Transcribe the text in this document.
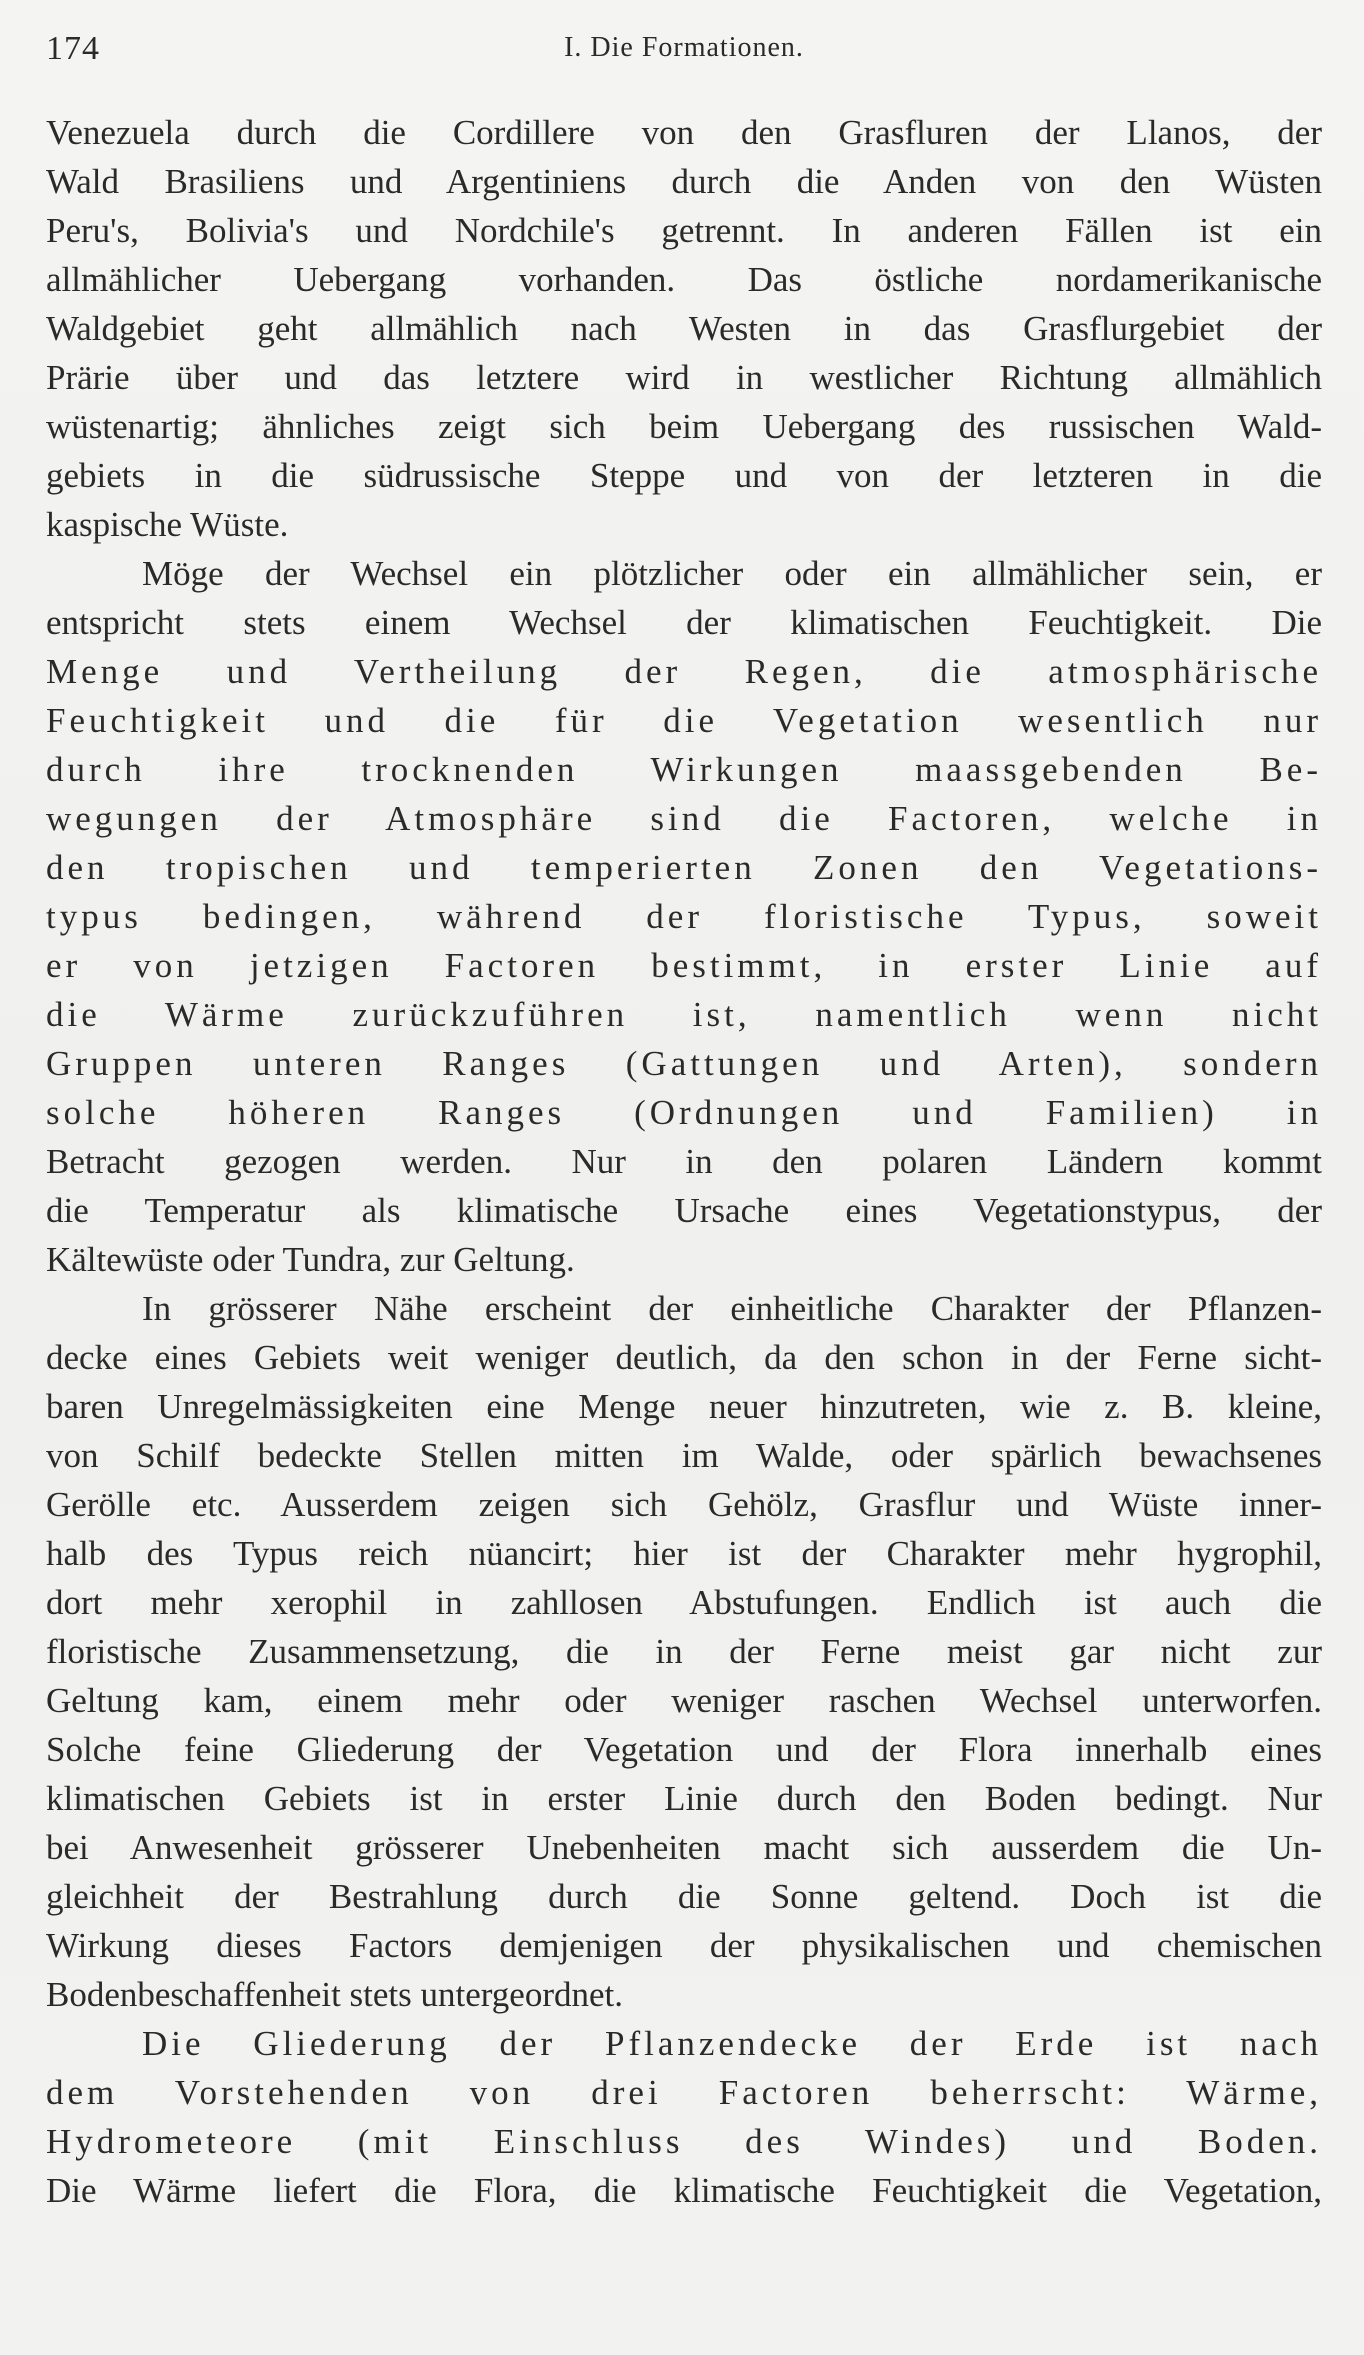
174	I. Die Formationen.
Venezuela durch die Cordillere von den Grasfluren der Llanos, der
Wald Brasiliens und Argentiniens durch die Anden von den Wüsten
Peru's, Bolivia's und Nordchile's getrennt. In anderen Fällen ist ein
allmählicher Uebergang vorhanden. Das östliche nordamerikanische
Waldgebiet geht allmählich nach Westen in das Grasflurgebiet der
Prärie über und das letztere wird in westlicher Richtung allmählich
wüstenartig; ähnliches zeigt sich beim Uebergang des russischen Wald-
gebiets in die südrussische Steppe und von der letzteren in die
kaspische Wüste.
Möge der Wechsel ein plötzlicher oder ein allmählicher sein, er
entspricht stets einem Wechsel der klimatischen Feuchtigkeit. Die
Menge und Vertheilung der Regen, die atmosphärische
Feuchtigkeit und die für die Vegetation wesentlich nur
durch ihre trocknenden Wirkungen maassgebenden Be-
wegungen der Atmosphäre sind die Factoren, welche in
den tropischen und temperierten Zonen den Vegetations-
typus bedingen, während der floristische Typus, soweit
er von jetzigen Factoren bestimmt, in erster Linie auf
die Wärme zurückzuführen ist, namentlich wenn nicht
Gruppen unteren Ranges (Gattungen und Arten), sondern
solche höheren Ranges (Ordnungen und Familien) in
Betracht gezogen werden. Nur in den polaren Ländern kommt
die Temperatur als klimatische Ursache eines Vegetationstypus, der
Kältewüste oder Tundra, zur Geltung.
In grösserer Nähe erscheint der einheitliche Charakter der Pflanzen-
decke eines Gebiets weit weniger deutlich, da den schon in der Ferne sicht-
baren Unregelmässigkeiten eine Menge neuer hinzutreten, wie z. B. kleine,
von Schilf bedeckte Stellen mitten im Walde, oder spärlich bewachsenes
Gerölle etc. Ausserdem zeigen sich Gehölz, Grasflur und Wüste inner-
halb des Typus reich nüancirt; hier ist der Charakter mehr hygrophil,
dort mehr xerophil in zahllosen Abstufungen. Endlich ist auch die
floristische Zusammensetzung, die in der Ferne meist gar nicht zur
Geltung kam, einem mehr oder weniger raschen Wechsel unterworfen.
Solche feine Gliederung der Vegetation und der Flora innerhalb eines
klimatischen Gebiets ist in erster Linie durch den Boden bedingt. Nur
bei Anwesenheit grösserer Unebenheiten macht sich ausserdem die Un-
gleichheit der Bestrahlung durch die Sonne geltend. Doch ist die
Wirkung dieses Factors demjenigen der physikalischen und chemischen
Bodenbeschaffenheit stets untergeordnet.
Die Gliederung der Pflanzendecke der Erde ist nach
dem Vorstehenden von drei Factoren beherrscht: Wärme,
Hydrometeore (mit Einschluss des Windes) und Boden.
Die Wärme liefert die Flora, die klimatische Feuchtigkeit die Vegetation,
